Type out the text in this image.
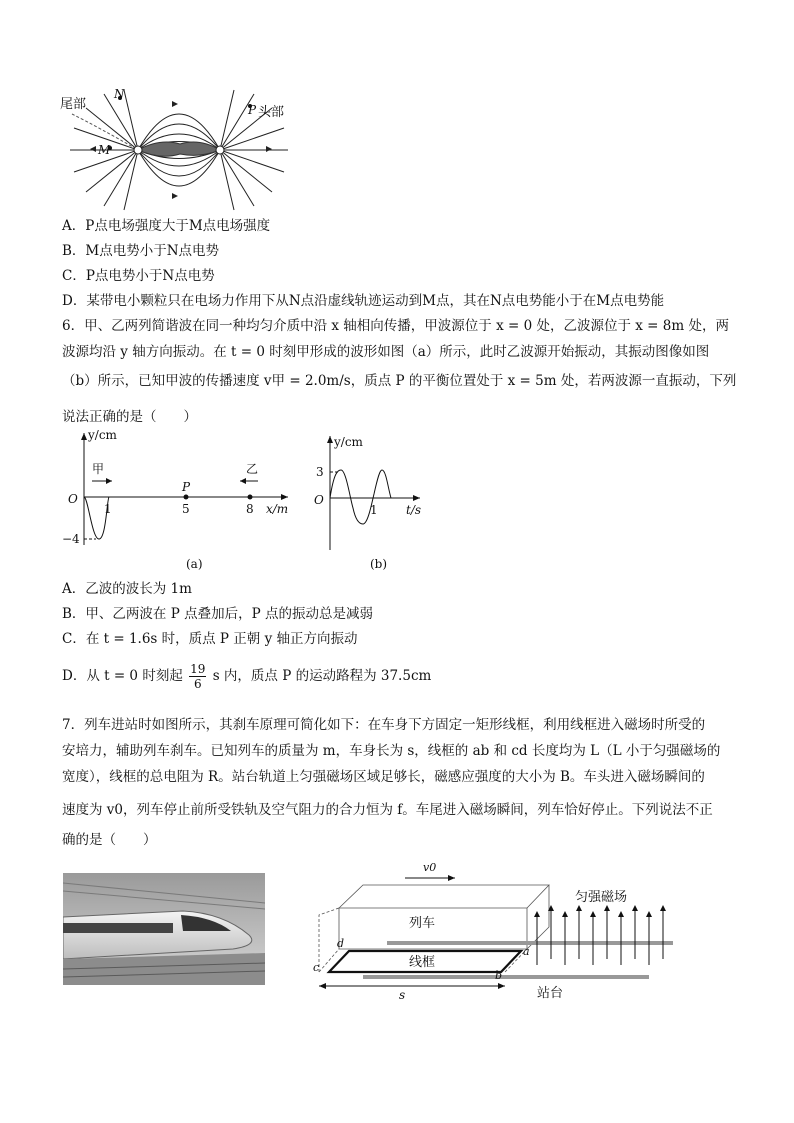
尾部
头部
N
P
M
A．P点电场强度大于M点电场强度
B．M点电势小于N点电势
C．P点电势小于N点电势
D．某带电小颗粒只在电场力作用下从N点沿虚线轨迹运动到M点，其在N点电势能小于在M点电势能
6．甲、乙两列简谐波在同一种均匀介质中沿 x 轴相向传播，甲波源位于 x = 0 处，乙波源位于 x = 8m 处，两
波源均沿 y 轴方向振动。在 t = 0 时刻甲形成的波形如图（a）所示，此时乙波源开始振动，其振动图像如图
（b）所示，已知甲波的传播速度 v甲 = 2.0m/s，质点 P 的平衡位置处于 x = 5m 处，若两波源一直振动，下列
说法正确的是（　　）
y/cm
x/m
O
甲	乙
P
1	5	8
−4
(a)
y/cm
t/s
O
3
1
(b)
A．乙波的波长为 1m
B．甲、乙两波在 P 点叠加后，P 点的振动总是减弱
C．在 t = 1.6s 时，质点 P 正朝 y 轴正方向振动
D．从 t = 0 时刻起 $\frac{19}{6}$ s 内，质点 P 的运动路程为 37.5cm
7．列车进站时如图所示，其刹车原理可简化如下：在车身下方固定一矩形线框，利用线框进入磁场时所受的
安培力，辅助列车刹车。已知列车的质量为 m，车身长为 s，线框的 ab 和 cd 长度均为 L（L 小于匀强磁场的
宽度），线框的总电阻为 R。站台轨道上匀强磁场区域足够长，磁感应强度的大小为 B。车头进入磁场瞬间的
速度为 v0，列车停止前所受铁轨及空气阻力的合力恒为 f。车尾进入磁场瞬间，列车恰好停止。下列说法不正
确的是（　　）
v0
s
列车
线框
匀强磁场
站台
a
b
c
d
